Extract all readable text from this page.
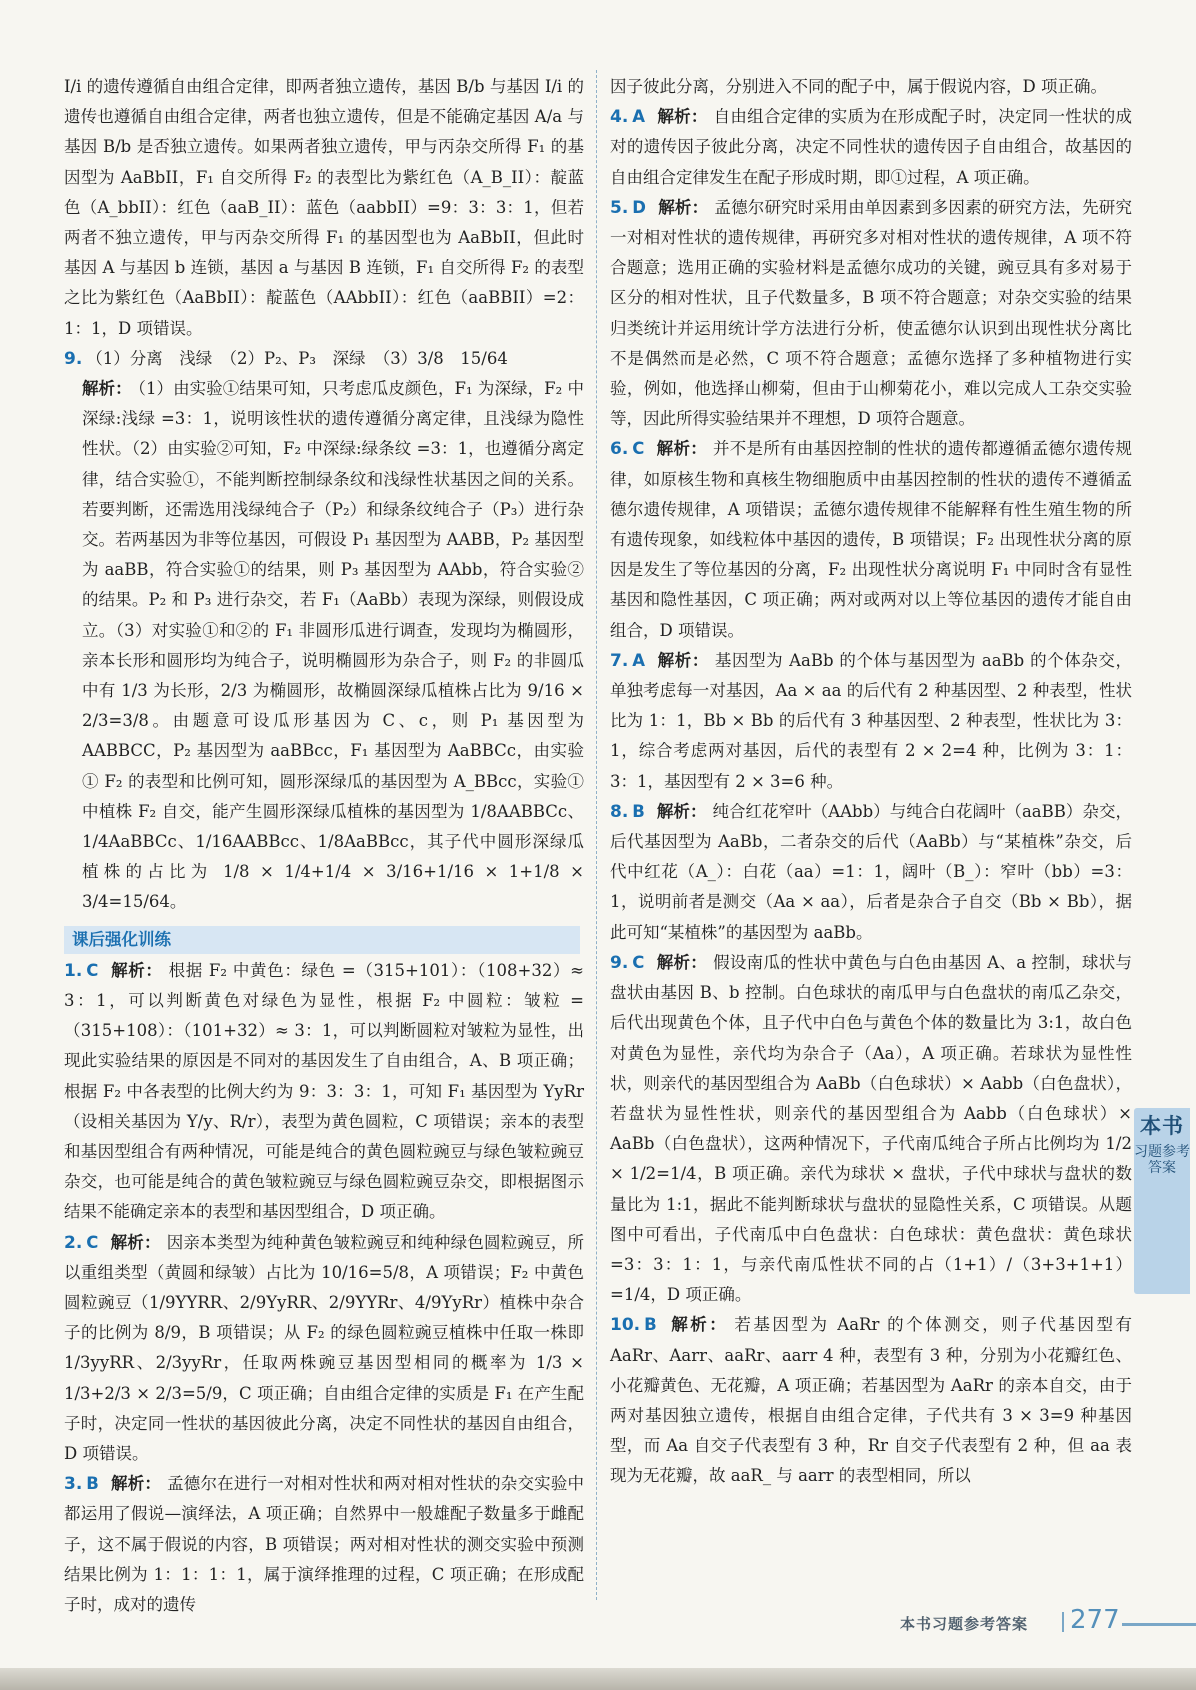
I/i 的遗传遵循自由组合定律，即两者独立遗传，基因 B/b 与基因 I/i 的遗传也遵循自由组合定律，两者也独立遗传，但是不能确定基因 A/a 与基因 B/b 是否独立遗传。如果两者独立遗传，甲与丙杂交所得 F₁ 的基因型为 AaBbII，F₁ 自交所得 F₂ 的表型比为紫红色（A_B_II）：靛蓝色（A_bbII）：红色（aaB_II）：蓝色（aabbII）=9：3：3：1，但若两者不独立遗传，甲与丙杂交所得 F₁ 的基因型也为 AaBbII，但此时基因 A 与基因 b 连锁，基因 a 与基因 B 连锁，F₁ 自交所得 F₂ 的表型之比为紫红色（AaBbII）：靛蓝色（AAbbII）：红色（aaBBII）=2：1：1，D 项错误。

9. （1）分离　浅绿　（2）P₂、P₃　深绿　（3）3/8　15/64

解析： （1）由实验①结果可知，只考虑瓜皮颜色，F₁ 为深绿，F₂ 中深绿:浅绿 =3：1，说明该性状的遗传遵循分离定律，且浅绿为隐性性状。（2）由实验②可知，F₂ 中深绿:绿条纹 =3：1，也遵循分离定律，结合实验①，不能判断控制绿条纹和浅绿性状基因之间的关系。若要判断，还需选用浅绿纯合子（P₂）和绿条纹纯合子（P₃）进行杂交。若两基因为非等位基因，可假设 P₁ 基因型为 AABB，P₂ 基因型为 aaBB，符合实验①的结果，则 P₃ 基因型为 AAbb，符合实验②的结果。P₂ 和 P₃ 进行杂交，若 F₁（AaBb）表现为深绿，则假设成立。（3）对实验①和②的 F₁ 非圆形瓜进行调查，发现均为椭圆形，亲本长形和圆形均为纯合子，说明椭圆形为杂合子，则 F₂ 的非圆瓜中有 1/3 为长形，2/3 为椭圆形，故椭圆深绿瓜植株占比为 9/16 × 2/3=3/8。由题意可设瓜形基因为 C、c，则 P₁ 基因型为 AABBCC，P₂ 基因型为 aaBBcc，F₁ 基因型为 AaBBCc，由实验① F₂ 的表型和比例可知，圆形深绿瓜的基因型为 A_BBcc，实验①中植株 F₂ 自交，能产生圆形深绿瓜植株的基因型为 1/8AABBCc、1/4AaBBCc、1/16AABBcc、1/8AaBBcc，其子代中圆形深绿瓜植株的占比为 1/8 × 1/4+1/4 × 3/16+1/16 × 1+1/8 × 3/4=15/64。

课后强化训练

1. C 解析： 根据 F₂ 中黄色：绿色 =（315+101）：（108+32）≈ 3：1，可以判断黄色对绿色为显性，根据 F₂ 中圆粒：皱粒 =（315+108）：（101+32）≈ 3：1，可以判断圆粒对皱粒为显性，出现此实验结果的原因是不同对的基因发生了自由组合，A、B 项正确；根据 F₂ 中各表型的比例大约为 9：3：3：1，可知 F₁ 基因型为 YyRr（设相关基因为 Y/y、R/r），表型为黄色圆粒，C 项错误；亲本的表型和基因型组合有两种情况，可能是纯合的黄色圆粒豌豆与绿色皱粒豌豆杂交，也可能是纯合的黄色皱粒豌豆与绿色圆粒豌豆杂交，即根据图示结果不能确定亲本的表型和基因型组合，D 项正确。

2. C 解析： 因亲本类型为纯种黄色皱粒豌豆和纯种绿色圆粒豌豆，所以重组类型（黄圆和绿皱）占比为 10/16=5/8，A 项错误；F₂ 中黄色圆粒豌豆（1/9YYRR、2/9YyRR、2/9YYRr、4/9YyRr）植株中杂合子的比例为 8/9，B 项错误；从 F₂ 的绿色圆粒豌豆植株中任取一株即 1/3yyRR、2/3yyRr，任取两株豌豆基因型相同的概率为 1/3 × 1/3+2/3 × 2/3=5/9，C 项正确；自由组合定律的实质是 F₁ 在产生配子时，决定同一性状的基因彼此分离，决定不同性状的基因自由组合，D 项错误。

3. B 解析： 孟德尔在进行一对相对性状和两对相对性状的杂交实验中都运用了假说—演绎法，A 项正确；自然界中一般雄配子数量多于雌配子，这不属于假说的内容，B 项错误；两对相对性状的测交实验中预测结果比例为 1：1：1：1，属于演绎推理的过程，C 项正确；在形成配子时，成对的遗传

因子彼此分离，分别进入不同的配子中，属于假说内容，D 项正确。

4. A 解析： 自由组合定律的实质为在形成配子时，决定同一性状的成对的遗传因子彼此分离，决定不同性状的遗传因子自由组合，故基因的自由组合定律发生在配子形成时期，即①过程，A 项正确。

5. D 解析： 孟德尔研究时采用由单因素到多因素的研究方法，先研究一对相对性状的遗传规律，再研究多对相对性状的遗传规律，A 项不符合题意；选用正确的实验材料是孟德尔成功的关键，豌豆具有多对易于区分的相对性状，且子代数量多，B 项不符合题意；对杂交实验的结果归类统计并运用统计学方法进行分析，使孟德尔认识到出现性状分离比不是偶然而是必然，C 项不符合题意；孟德尔选择了多种植物进行实验，例如，他选择山柳菊，但由于山柳菊花小，难以完成人工杂交实验等，因此所得实验结果并不理想，D 项符合题意。

6. C 解析： 并不是所有由基因控制的性状的遗传都遵循孟德尔遗传规律，如原核生物和真核生物细胞质中由基因控制的性状的遗传不遵循孟德尔遗传规律，A 项错误；孟德尔遗传规律不能解释有性生殖生物的所有遗传现象，如线粒体中基因的遗传，B 项错误；F₂ 出现性状分离的原因是发生了等位基因的分离，F₂ 出现性状分离说明 F₁ 中同时含有显性基因和隐性基因，C 项正确；两对或两对以上等位基因的遗传才能自由组合，D 项错误。

7. A 解析： 基因型为 AaBb 的个体与基因型为 aaBb 的个体杂交，单独考虑每一对基因，Aa × aa 的后代有 2 种基因型、2 种表型，性状比为 1：1，Bb × Bb 的后代有 3 种基因型、2 种表型，性状比为 3：1，综合考虑两对基因，后代的表型有 2 × 2=4 种，比例为 3：1：3：1，基因型有 2 × 3=6 种。

8. B 解析： 纯合红花窄叶（AAbb）与纯合白花阔叶（aaBB）杂交，后代基因型为 AaBb，二者杂交的后代（AaBb）与“某植株”杂交，后代中红花（A_）：白花（aa）=1：1，阔叶（B_）：窄叶（bb）=3：1，说明前者是测交（Aa × aa），后者是杂合子自交（Bb × Bb），据此可知“某植株”的基因型为 aaBb。

9. C 解析： 假设南瓜的性状中黄色与白色由基因 A、a 控制，球状与盘状由基因 B、b 控制。白色球状的南瓜甲与白色盘状的南瓜乙杂交，后代出现黄色个体，且子代中白色与黄色个体的数量比为 3:1，故白色对黄色为显性，亲代均为杂合子（Aa），A 项正确。若球状为显性性状，则亲代的基因型组合为 AaBb（白色球状）× Aabb（白色盘状），若盘状为显性性状，则亲代的基因型组合为 Aabb（白色球状）× AaBb（白色盘状），这两种情况下，子代南瓜纯合子所占比例均为 1/2 × 1/2=1/4，B 项正确。亲代为球状 × 盘状，子代中球状与盘状的数量比为 1:1，据此不能判断球状与盘状的显隐性关系，C 项错误。从题图中可看出，子代南瓜中白色盘状：白色球状：黄色盘状：黄色球状 =3：3：1：1，与亲代南瓜性状不同的占（1+1）/（3+3+1+1）=1/4，D 项正确。

10. B 解析： 若基因型为 AaRr 的个体测交，则子代基因型有 AaRr、Aarr、aaRr、aarr 4 种，表型有 3 种，分别为小花瓣红色、小花瓣黄色、无花瓣，A 项正确；若基因型为 AaRr 的亲本自交，由于两对基因独立遗传，根据自由组合定律，子代共有 3 × 3=9 种基因型，而 Aa 自交子代表型有 3 种，Rr 自交子代表型有 2 种，但 aa 表现为无花瓣，故 aaR_ 与 aarr 的表型相同，所以

本书
习题参考答案
本书习题参考答案 277
